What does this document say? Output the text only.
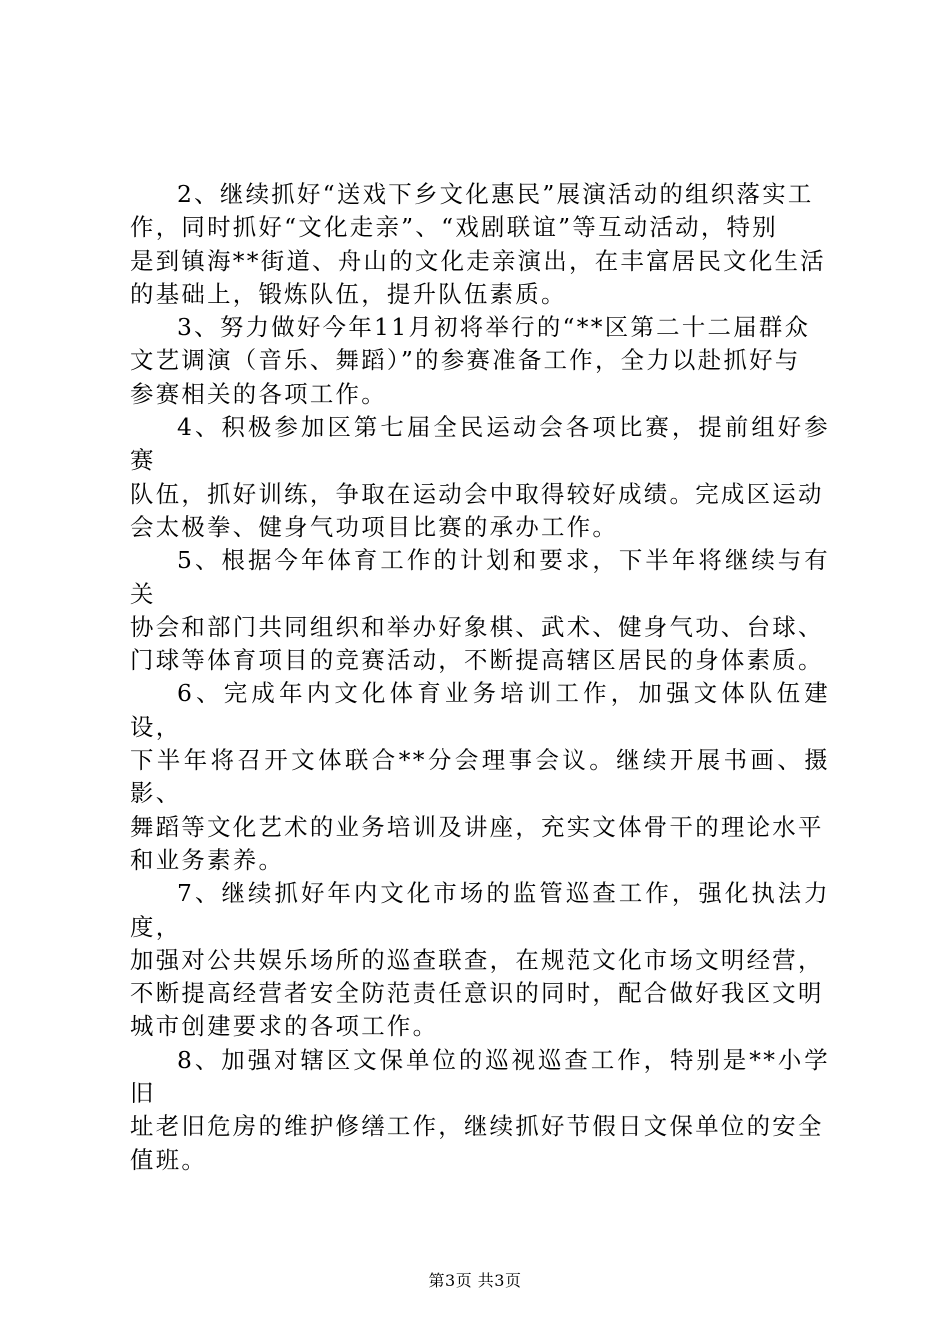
2、继续抓好“送戏下乡文化惠民”展演活动的组织落实工
作，同时抓好“文化走亲”、“戏剧联谊”等互动活动，特别
是到镇海**街道、舟山的文化走亲演出，在丰富居民文化生活
的基础上，锻炼队伍，提升队伍素质。

3、努力做好今年11月初将举行的“**区第二十二届群众
文艺调演（音乐、舞蹈）”的参赛准备工作，全力以赴抓好与
参赛相关的各项工作。

4、积极参加区第七届全民运动会各项比赛，提前组好参赛
队伍，抓好训练，争取在运动会中取得较好成绩。完成区运动
会太极拳、健身气功项目比赛的承办工作。

5、根据今年体育工作的计划和要求，下半年将继续与有关
协会和部门共同组织和举办好象棋、武术、健身气功、台球、
门球等体育项目的竞赛活动，不断提高辖区居民的身体素质。

6、完成年内文化体育业务培训工作，加强文体队伍建设，
下半年将召开文体联合**分会理事会议。继续开展书画、摄影、
舞蹈等文化艺术的业务培训及讲座，充实文体骨干的理论水平
和业务素养。

7、继续抓好年内文化市场的监管巡查工作，强化执法力度，
加强对公共娱乐场所的巡查联查，在规范文化市场文明经营，
不断提高经营者安全防范责任意识的同时，配合做好我区文明
城市创建要求的各项工作。

8、加强对辖区文保单位的巡视巡查工作，特别是**小学旧
址老旧危房的维护修缮工作，继续抓好节假日文保单位的安全
值班。

第3页 共3页
